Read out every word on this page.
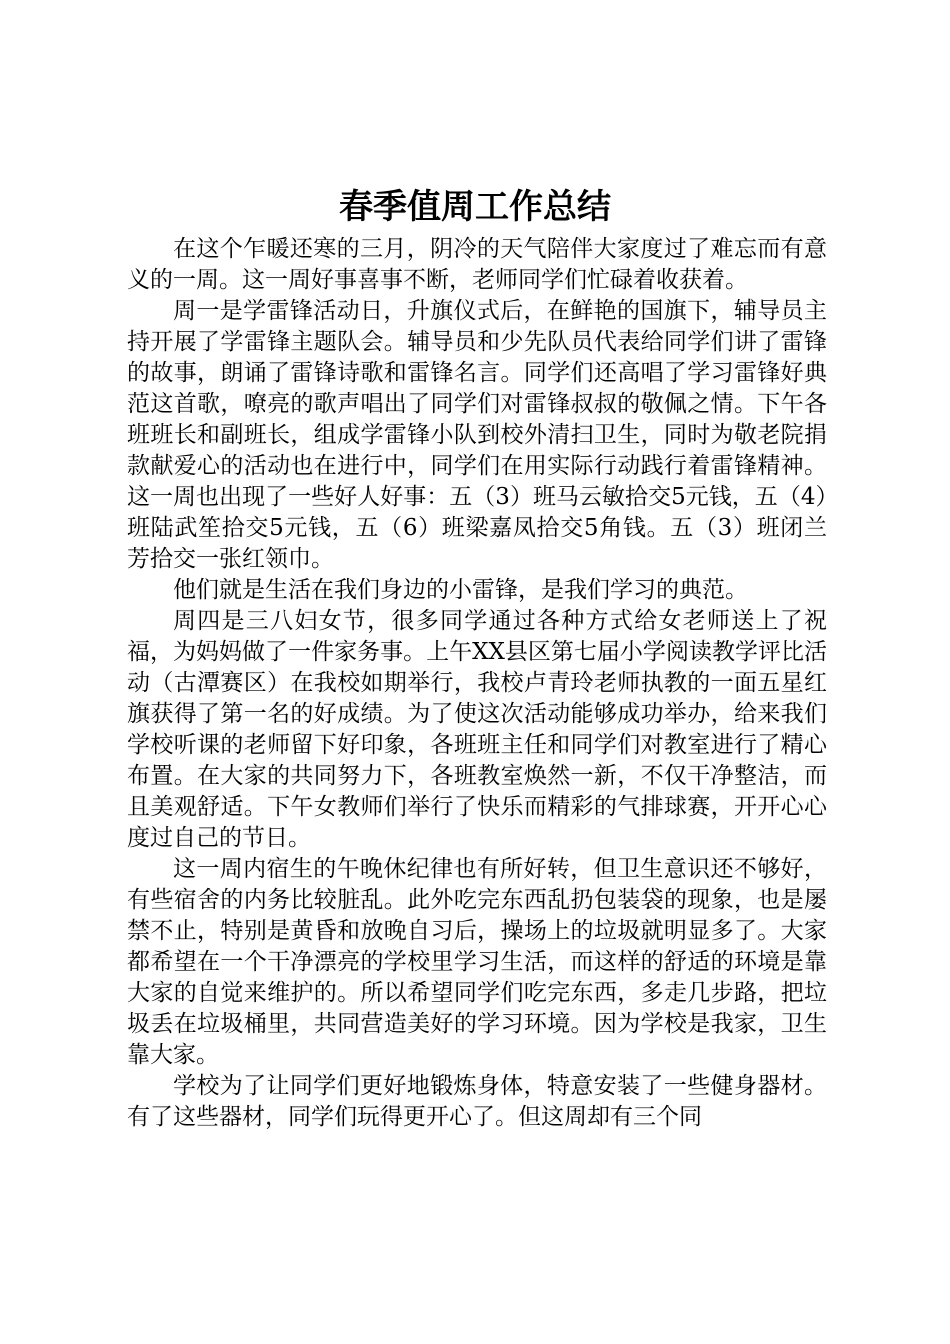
春季值周工作总结

在这个乍暖还寒的三月，阴冷的天气陪伴大家度过了难忘而有意义的一周。这一周好事喜事不断，老师同学们忙碌着收获着。

周一是学雷锋活动日，升旗仪式后，在鲜艳的国旗下，辅导员主持开展了学雷锋主题队会。辅导员和少先队员代表给同学们讲了雷锋的故事，朗诵了雷锋诗歌和雷锋名言。同学们还高唱了学习雷锋好典范这首歌，嘹亮的歌声唱出了同学们对雷锋叔叔的敬佩之情。下午各班班长和副班长，组成学雷锋小队到校外清扫卫生，同时为敬老院捐款献爱心的活动也在进行中，同学们在用实际行动践行着雷锋精神。这一周也出现了一些好人好事：五（3）班马云敏拾交5元钱，五（4）班陆武笙拾交5元钱，五（6）班梁嘉凤拾交5角钱。五（3）班闭兰芳拾交一张红领巾。

他们就是生活在我们身边的小雷锋，是我们学习的典范。

周四是三八妇女节，很多同学通过各种方式给女老师送上了祝福，为妈妈做了一件家务事。上午XX县区第七届小学阅读教学评比活动（古潭赛区）在我校如期举行，我校卢青玲老师执教的一面五星红旗获得了第一名的好成绩。为了使这次活动能够成功举办，给来我们学校听课的老师留下好印象，各班班主任和同学们对教室进行了精心布置。在大家的共同努力下，各班教室焕然一新，不仅干净整洁，而且美观舒适。下午女教师们举行了快乐而精彩的气排球赛，开开心心度过自己的节日。

这一周内宿生的午晚休纪律也有所好转，但卫生意识还不够好，有些宿舍的内务比较脏乱。此外吃完东西乱扔包装袋的现象，也是屡禁不止，特别是黄昏和放晚自习后，操场上的垃圾就明显多了。大家都希望在一个干净漂亮的学校里学习生活，而这样的舒适的环境是靠大家的自觉来维护的。所以希望同学们吃完东西，多走几步路，把垃圾丢在垃圾桶里，共同营造美好的学习环境。因为学校是我家，卫生靠大家。

学校为了让同学们更好地锻炼身体，特意安装了一些健身器材。有了这些器材，同学们玩得更开心了。但这周却有三个同
